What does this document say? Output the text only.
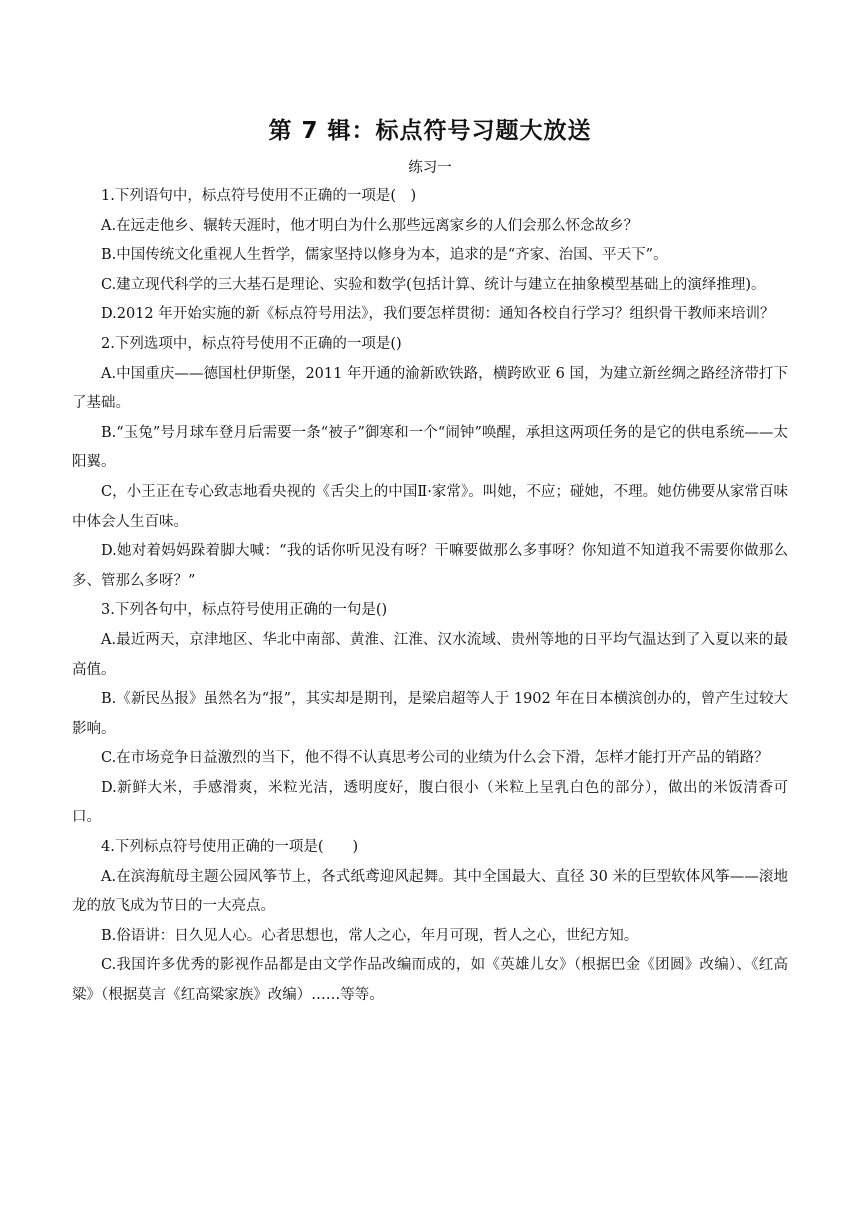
第 7 辑：标点符号习题大放送
练习一

1.下列语句中，标点符号使用不正确的一项是(　)

A.在远走他乡、辗转天涯时，他才明白为什么那些远离家乡的人们会那么怀念故乡？

B.中国传统文化重视人生哲学，儒家坚持以修身为本，追求的是“齐家、治国、平天下”。

C.建立现代科学的三大基石是理论、实验和数学(包括计算、统计与建立在抽象模型基础上的演绎推理)。

D.2012 年开始实施的新《标点符号用法》，我们要怎样贯彻：通知各校自行学习？组织骨干教师来培训？

2.下列选项中，标点符号使用不正确的一项是()

A.中国重庆——德国杜伊斯堡，2011 年开通的渝新欧铁路，横跨欧亚 6 国，为建立新丝绸之路经济带打下了基础。

B.“玉兔”号月球车登月后需要一条“被子”御寒和一个“闹钟”唤醒，承担这两项任务的是它的供电系统——太阳翼。

C，小王正在专心致志地看央视的《舌尖上的中国Ⅱ·家常》。叫她，不应；碰她，不理。她仿佛要从家常百味中体会人生百味。

D.她对着妈妈跺着脚大喊：“我的话你听见没有呀？干嘛要做那么多事呀？你知道不知道我不需要你做那么多、管那么多呀？”

3.下列各句中，标点符号使用正确的一句是()

A.最近两天，京津地区、华北中南部、黄淮、江淮、汉水流域、贵州等地的日平均气温达到了入夏以来的最高值。

B.《新民丛报》虽然名为“报”，其实却是期刊，是梁启超等人于 1902 年在日本横滨创办的，曾产生过较大影响。

C.在市场竞争日益激烈的当下，他不得不认真思考公司的业绩为什么会下滑，怎样才能打开产品的销路？

D.新鲜大米，手感滑爽，米粒光洁，透明度好，腹白很小（米粒上呈乳白色的部分），做出的米饭清香可口。

4.下列标点符号使用正确的一项是(　　)

A.在滨海航母主题公园风筝节上，各式纸鸢迎风起舞。其中全国最大、直径 30 米的巨型软体风筝——滚地龙的放飞成为节日的一大亮点。

B.俗语讲：日久见人心。心者思想也，常人之心，年月可现，哲人之心，世纪方知。

C.我国许多优秀的影视作品都是由文学作品改编而成的，如《英雄儿女》（根据巴金《团圆》改编）、《红高粱》（根据莫言《红高粱家族》改编）……等等。
